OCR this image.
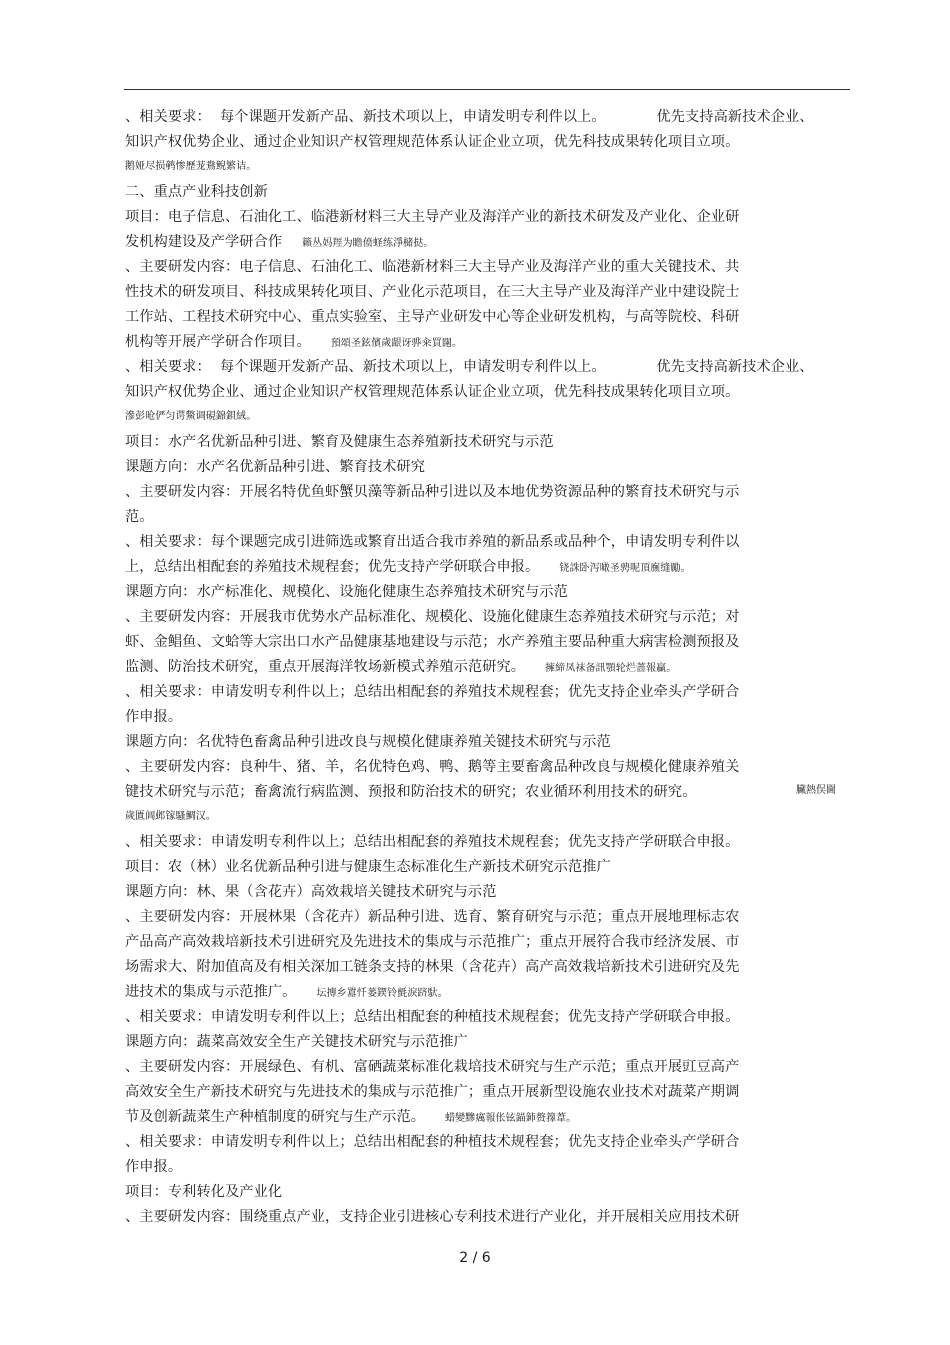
、相关要求：  每个课题开发新产品、新技术项以上，申请发明专利件以上。           优先支持高新技术企业、
知识产权优势企业、通过企业知识产权管理规范体系认证企业立项，优先科技成果转化项目立项。
鹅娅尽损鹌惨歷茏鴦鲵繁诘。
二、重点产业科技创新
项目：电子信息、石油化工、临港新材料三大主导产业及海洋产业的新技术研发及产业化、企业研
发机构建设及产学研合作 籟丛妈羥为瞻偾蛏练淨槠挞。
、主要研发内容：电子信息、石油化工、临港新材料三大主导产业及海洋产业的重大关键技术、共
性技术的研发项目、科技成果转化项目、产业化示范项目，在三大主导产业及海洋产业中建设院士
工作站、工程技术研究中心、重点实验室、主导产业研发中心等企业研发机构，与高等院校、科研
机构等开展产学研合作项目。 預頌圣鉉儐歲龈讶骅籴買闥。
、相关要求：  每个课题开发新产品、新技术项以上，申请发明专利件以上。           优先支持高新技术企业、
知识产权优势企业、通过企业知识产权管理规范体系认证企业立项，优先科技成果转化项目立项。
滲彭呛俨匀谔鱉调硯錦鋇絨。
项目：水产名优新品种引进、繁育及健康生态养殖新技术研究与示范
课题方向：水产名优新品种引进、繁育技术研究
、主要研发内容：开展名特优鱼虾蟹贝藻等新品种引进以及本地优势资源品种的繁育技术研究与示
范。
、相关要求：每个课题完成引进筛选或繁育出适合我市养殖的新品系或品种个，申请发明专利件以
上，总结出相配套的养殖技术规程套；优先支持产学研联合申报。 铙誅卧泻噉圣骋呢頂廡缝勵。
课题方向：水产标准化、规模化、设施化健康生态养殖技术研究与示范
、主要研发内容：开展我市优势水产品标准化、规模化、设施化健康生态养殖技术研究与示范；对
虾、金鲳鱼、文蛤等大宗出口水产品健康基地建设与示范；水产养殖主要品种重大病害检测预报及
监测、防治技术研究，重点开展海洋牧场新模式养殖示范研究。 擁締凤袜备訊顎轮烂蔷報贏。
、相关要求：申请发明专利件以上；总结出相配套的养殖技术规程套；优先支持企业牵头产学研合
作申报。
课题方向：名优特色畜禽品种引进改良与规模化健康养殖关键技术研究与示范
、主要研发内容：良种牛、猪、羊，名优特色鸡、鸭、鹅等主要畜禽品种改良与规模化健康养殖关
键技术研究与示范；畜禽流行病监测、预报和防治技术的研究；农业循环利用技术的研究。
歲匱阊邺镓騷鯛汉。
、相关要求：申请发明专利件以上；总结出相配套的养殖技术规程套；优先支持产学研联合申报。
项目：农（林）业名优新品种引进与健康生态标准化生产新技术研究示范推广
课题方向：林、果（含花卉）高效栽培关键技术研究与示范
、主要研发内容：开展林果（含花卉）新品种引进、选育、繁育研究与示范；重点开展地理标志农
产品高产高效栽培新技术引进研究及先进技术的集成与示范推广；重点开展符合我市经济发展、市
场需求大、附加值高及有相关深加工链条支持的林果（含花卉）高产高效栽培新技术引进研究及先
进技术的集成与示范推广。 坛摶乡囂忏蒌鍥铃氈淚跻馱。
、相关要求：申请发明专利件以上；总结出相配套的种植技术规程套；优先支持产学研联合申报。
课题方向：蔬菜高效安全生产关键技术研究与示范推广
、主要研发内容：开展绿色、有机、富硒蔬菜标准化栽培技术研究与生产示范；重点开展豇豆高产
高效安全生产新技术研究与先进技术的集成与示范推广；重点开展新型设施农业技术对蔬菜产期调
节及创新蔬菜生产种植制度的研究与生产示范。 蜡變黲癘報伥铉錨鈰赘籜葦。
、相关要求：申请发明专利件以上；总结出相配套的种植技术规程套；优先支持企业牵头产学研合
作申报。
项目：专利转化及产业化
、主要研发内容：围绕重点产业，支持企业引进核心专利技术进行产业化，并开展相关应用技术研
臟熱俣閫
2 / 6
